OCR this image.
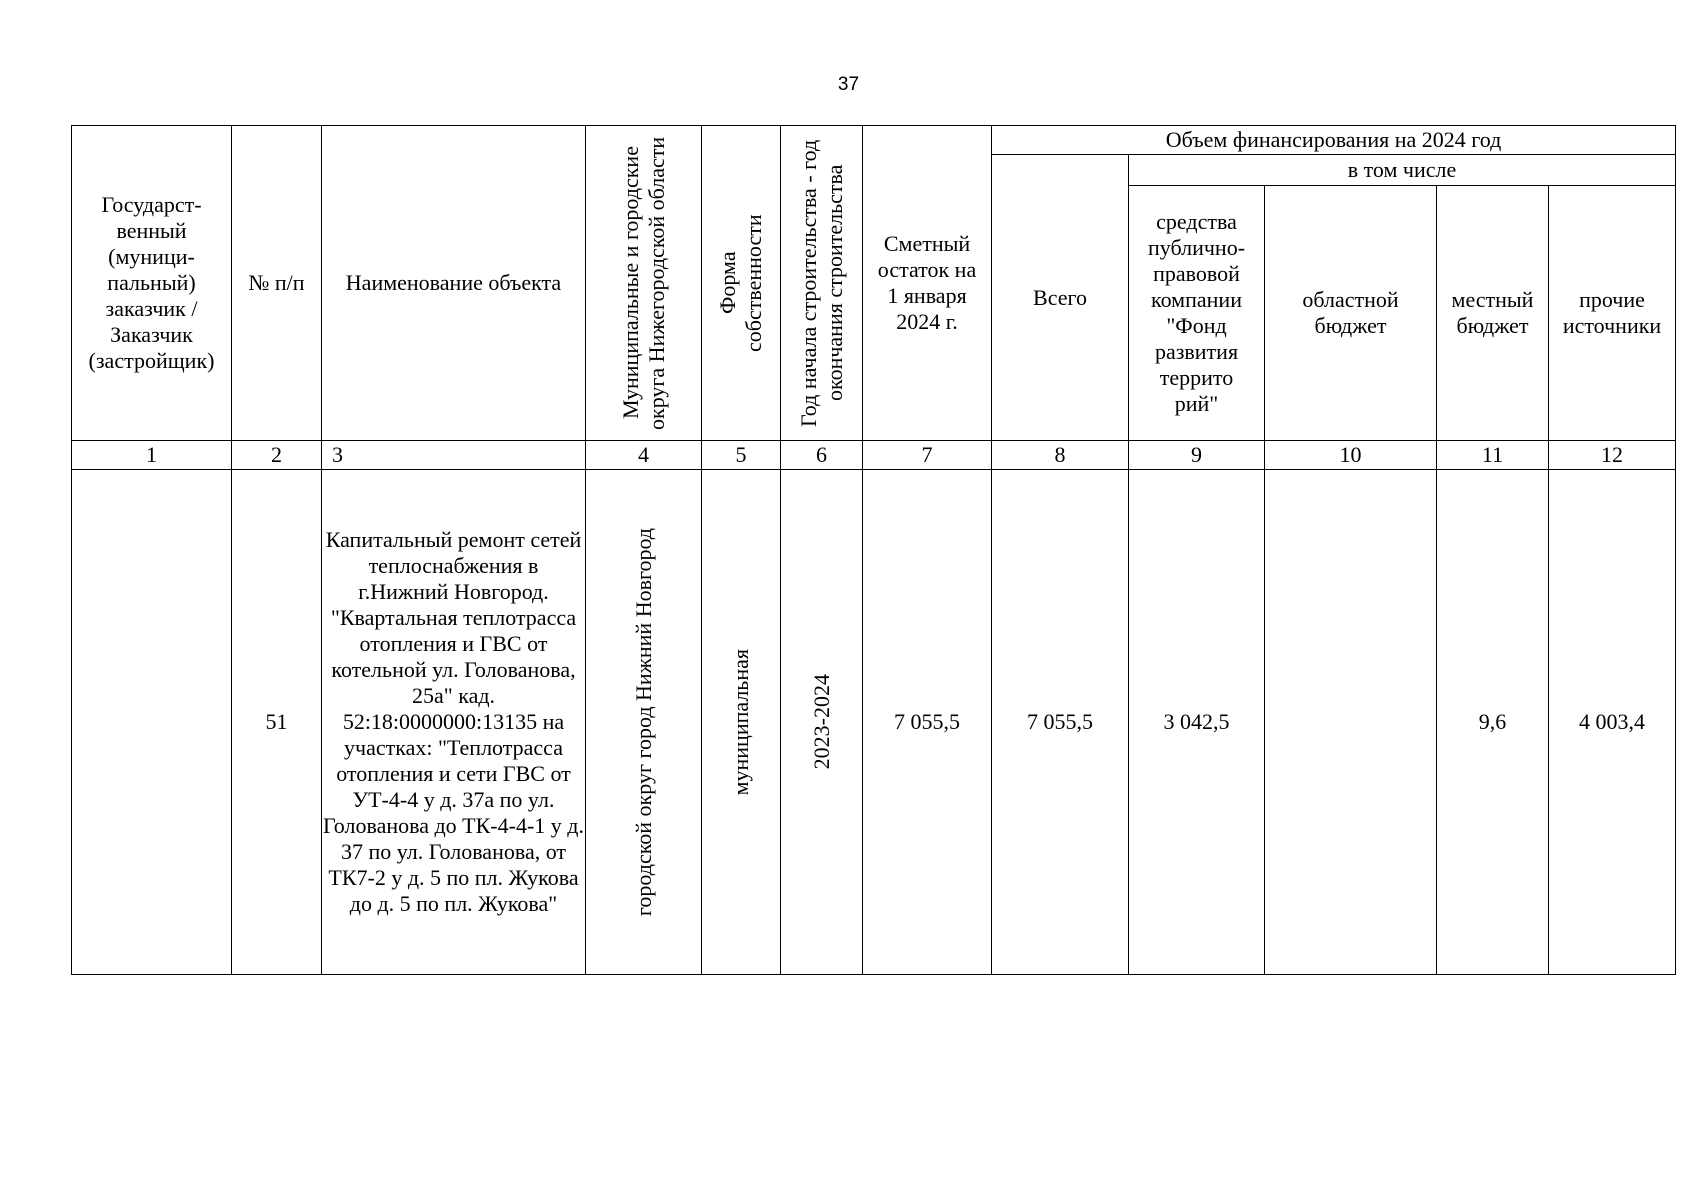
37
Государст-венный (муници-пальный) заказчик / Заказчик (застройщик)	№ п/п	Наименование объекта	Муниципальные и городские округа Нижегородской области	Форма собственности	Год начала строительства - год окончания строительства	Сметный остаток на 1 января 2024 г.	Объем финансирования на 2024 год				
							Всего	в том числе			
								средства публично-правовой компании "Фонд развития террито рий"	областной бюджет	местный бюджет	прочие источники
1	2	3	4	5	6	7	8	9	10	11	12
	51	Капитальный ремонт сетей теплоснабжения в г.Нижний Новгород. "Квартальная теплотрасса отопления и ГВС от котельной ул. Голованова, 25а" кад. 52:18:0000000:13135 на участках: "Теплотрасса отопления и сети ГВС от УТ-4-4 у д. 37а по ул. Голованова до ТК-4-4-1 у д. 37 по ул. Голованова, от ТК7-2 у д. 5 по пл. Жукова до д. 5 по пл. Жукова"	городской округ город Нижний Новгород	муниципальная	2023-2024	7 055,5	7 055,5	3 042,5		9,6	4 003,4
